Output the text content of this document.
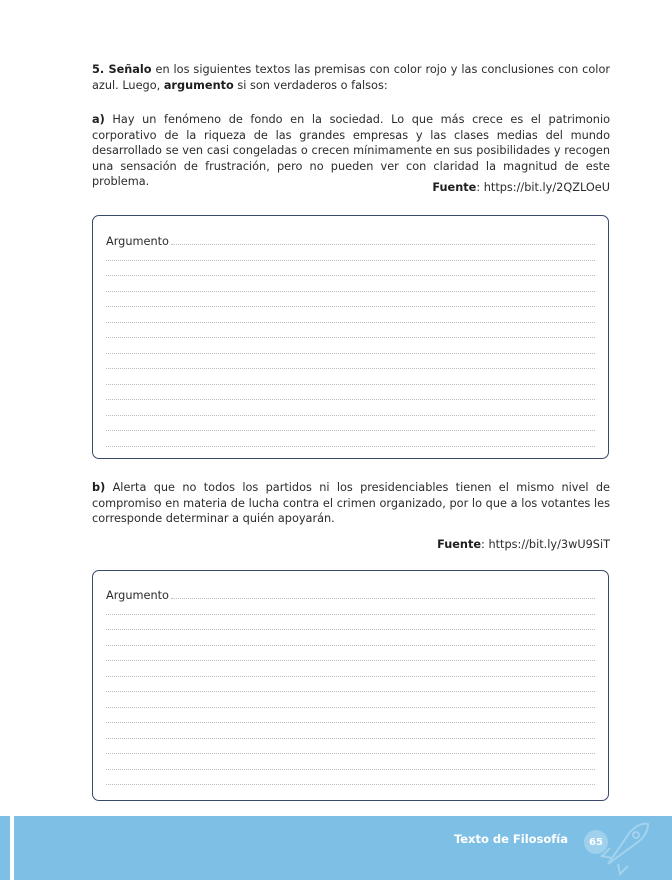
5. Señalo en los siguientes textos las premisas con color rojo y las conclusiones con color azul. Luego, argumento si son verdaderos o falsos:

a) Hay un fenómeno de fondo en la sociedad. Lo que más crece es el patrimonio corporativo de la riqueza de las grandes empresas y las clases medias del mundo desarrollado se ven casi congeladas o crecen mínimamente en sus posibilidades y recogen una sensación de frustración, pero no pueden ver con claridad la magnitud de este problema.	Fuente: https://bit.ly/2QZLOeU
Argumento

b) Alerta que no todos los partidos ni los presidenciables tienen el mismo nivel de compromiso en materia de lucha contra el crimen organizado, por lo que a los votantes les corresponde determinar a quién apoyarán.

Fuente: https://bit.ly/3wU9SiT
Argumento
Texto de Filosofía	65
